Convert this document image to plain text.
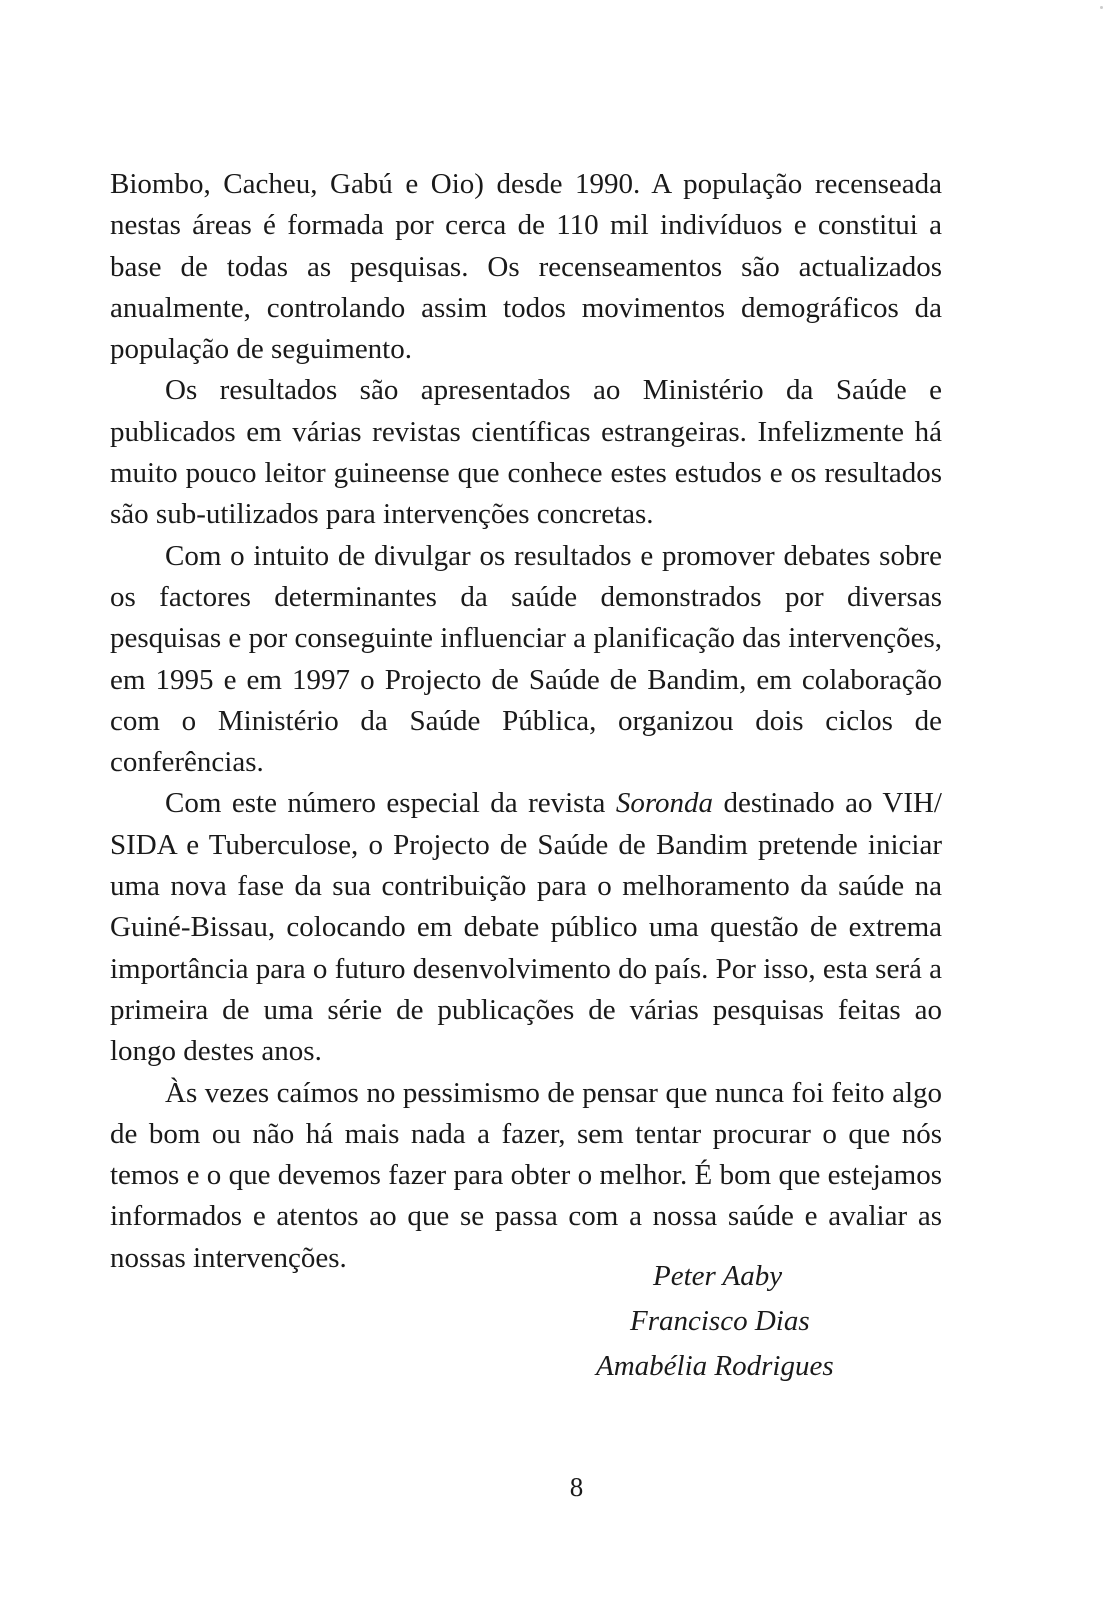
Biombo, Cacheu, Gabú e Oio) desde 1990. A população recenseada nestas áreas é formada por cerca de 110 mil indivíduos e constitui a base de todas as pesquisas. Os recenseamentos são actualizados anualmente, controlando assim todos movimentos demográficos da população de seguimento.

Os resultados são apresentados ao Ministério da Saúde e publicados em várias revistas científicas estrangeiras. Infelizmente há muito pouco leitor guineense que conhece estes estudos e os resultados são sub-utilizados para intervenções concretas.

Com o intuito de divulgar os resultados e promover debates sobre os factores determinantes da saúde demonstrados por diversas pesquisas e por conseguinte influenciar a planificação das intervenções, em 1995 e em 1997 o Projecto de Saúde de Bandim, em colaboração com o Ministério da Saúde Pública, organizou dois ciclos de conferências.

Com este número especial da revista Soronda destinado ao VIH/ SIDA e Tuberculose, o Projecto de Saúde de Bandim pretende iniciar uma nova fase da sua contribuição para o melhoramento da saúde na Guiné-Bissau, colocando em debate público uma questão de extrema importância para o futuro desenvolvimento do país. Por isso, esta será a primeira de uma série de publicações de várias pesquisas feitas ao longo destes anos.

Às vezes caímos no pessimismo de pensar que nunca foi feito algo de bom ou não há mais nada a fazer, sem tentar procurar o que nós temos e o que devemos fazer para obter o melhor. É bom que estejamos informados e atentos ao que se passa com a nossa saúde e avaliar as nossas intervenções.

Peter Aaby
Francisco Dias
Amabélia Rodrigues
8
